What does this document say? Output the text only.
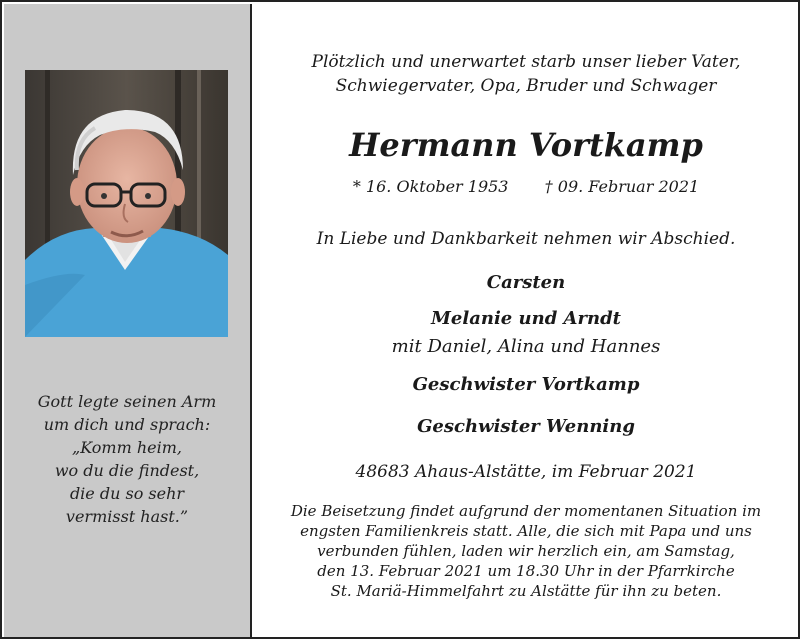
Gott legte seinen Arm
um dich und sprach:
„Komm heim,
wo du die findest,
die du so sehr
vermisst hast.”
Plötzlich und unerwartet starb unser lieber Vater,
Schwiegervater, Opa, Bruder und Schwager
Hermann Vortkamp
* 16. Oktober 1953 † 09. Februar 2021
In Liebe und Dankbarkeit nehmen wir Abschied.
Carsten
Melanie und Arndt
mit Daniel, Alina und Hannes
Geschwister Vortkamp
Geschwister Wenning
48683 Ahaus-Alstätte, im Februar 2021
Die Beisetzung findet aufgrund der momentanen Situation im
engsten Familienkreis statt. Alle, die sich mit Papa und uns
verbunden fühlen, laden wir herzlich ein, am Samstag,
den 13. Februar 2021 um 18.30 Uhr in der Pfarrkirche
St. Mariä-Himmelfahrt zu Alstätte für ihn zu beten.
